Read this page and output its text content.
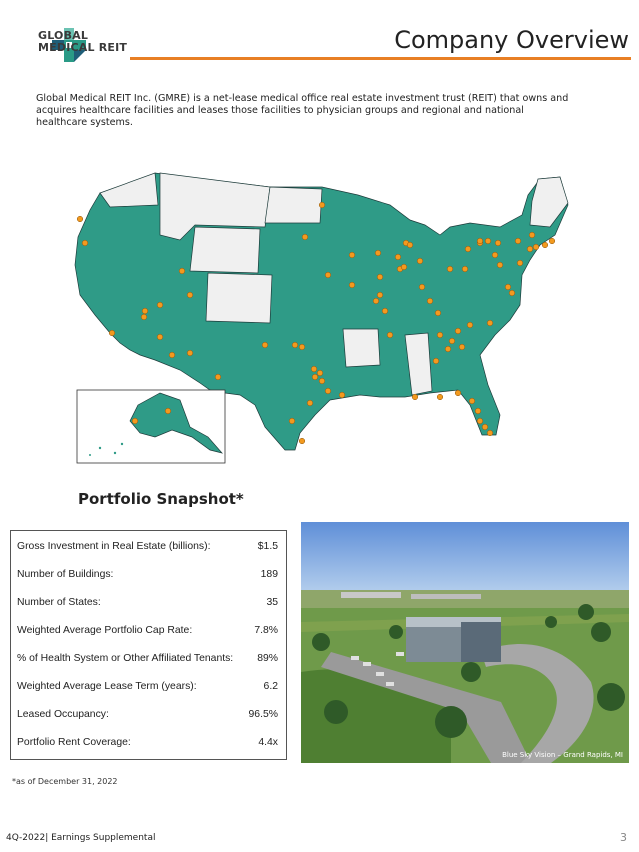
GLOBAL
MEDICAL REIT	Company Overview

Global Medical REIT Inc. (GMRE) is a net-lease medical office real estate investment trust (REIT) that owns and acquires healthcare facilities and leases those facilities to physician groups and regional and national healthcare systems.

Portfolio Snapshot*
Gross Investment in Real Estate (billions):	$1.5
Number of Buildings:	189
Number of States:	35
Weighted Average Portfolio Cap Rate:	7.8%
% of Health System or Other Affiliated Tenants: 89%
Weighted Average Lease Term (years):	6.2
Leased Occupancy:	96.5%
Portfolio Rent Coverage:	4.4x
Blue Sky Vision – Grand Rapids, MI
*as of December 31, 2022
4Q-2022| Earnings Supplemental	3
